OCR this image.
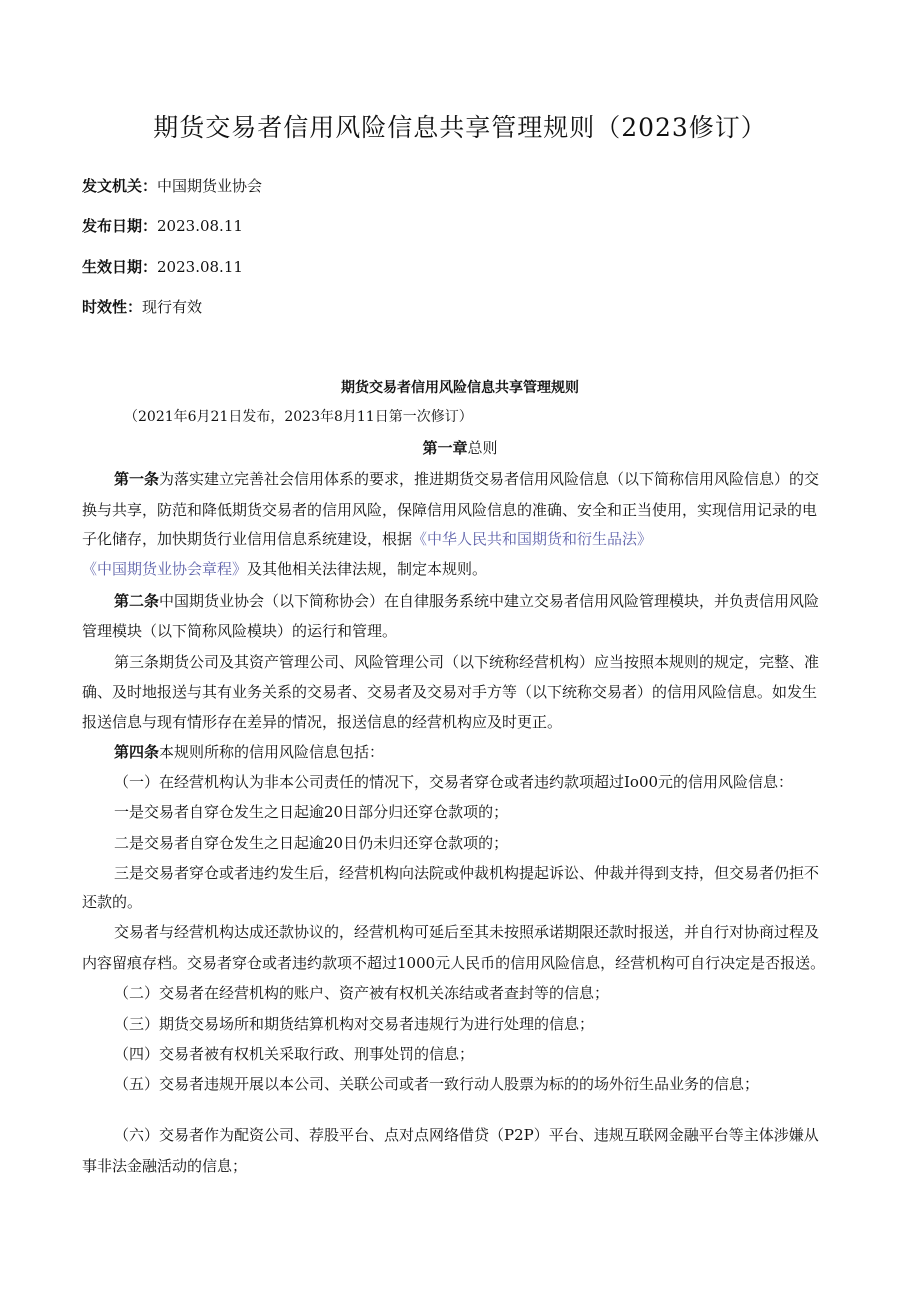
期货交易者信用风险信息共享管理规则（2023修订）
发文机关：中国期货业协会
发布日期：2023.08.11
生效日期：2023.08.11
时效性：现行有效
期货交易者信用风险信息共享管理规则
（2021年6月21日发布，2023年8月11日第一次修订）
第一章总则
第一条为落实建立完善社会信用体系的要求，推进期货交易者信用风险信息（以下简称信用风险信息）的交
换与共享，防范和降低期货交易者的信用风险，保障信用风险信息的准确、安全和正当使用，实现信用记录的电
子化储存，加快期货行业信用信息系统建设，根据《中华人民共和国期货和衍生品法》
《中国期货业协会章程》及其他相关法律法规，制定本规则。
第二条中国期货业协会（以下简称协会）在自律服务系统中建立交易者信用风险管理模块，并负责信用风险
管理模块（以下简称风险模块）的运行和管理。
第三条期货公司及其资产管理公司、风险管理公司（以下统称经营机构）应当按照本规则的规定，完整、准
确、及时地报送与其有业务关系的交易者、交易者及交易对手方等（以下统称交易者）的信用风险信息。如发生
报送信息与现有情形存在差异的情况，报送信息的经营机构应及时更正。
第四条本规则所称的信用风险信息包括：
（一）在经营机构认为非本公司责任的情况下，交易者穿仓或者违约款项超过Io00元的信用风险信息：
一是交易者自穿仓发生之日起逾20日部分归还穿仓款项的；
二是交易者自穿仓发生之日起逾20日仍未归还穿仓款项的；
三是交易者穿仓或者违约发生后，经营机构向法院或仲裁机构提起诉讼、仲裁并得到支持，但交易者仍拒不
还款的。
交易者与经营机构达成还款协议的，经营机构可延后至其未按照承诺期限还款时报送，并自行对协商过程及
内容留痕存档。交易者穿仓或者违约款项不超过1000元人民币的信用风险信息，经营机构可自行决定是否报送。
（二）交易者在经营机构的账户、资产被有权机关冻结或者查封等的信息；
（三）期货交易场所和期货结算机构对交易者违规行为进行处理的信息；
（四）交易者被有权机关采取行政、刑事处罚的信息；
（五）交易者违规开展以本公司、关联公司或者一致行动人股票为标的的场外衍生品业务的信息；
（六）交易者作为配资公司、荐股平台、点对点网络借贷（P2P）平台、违规互联网金融平台等主体涉嫌从
事非法金融活动的信息；
